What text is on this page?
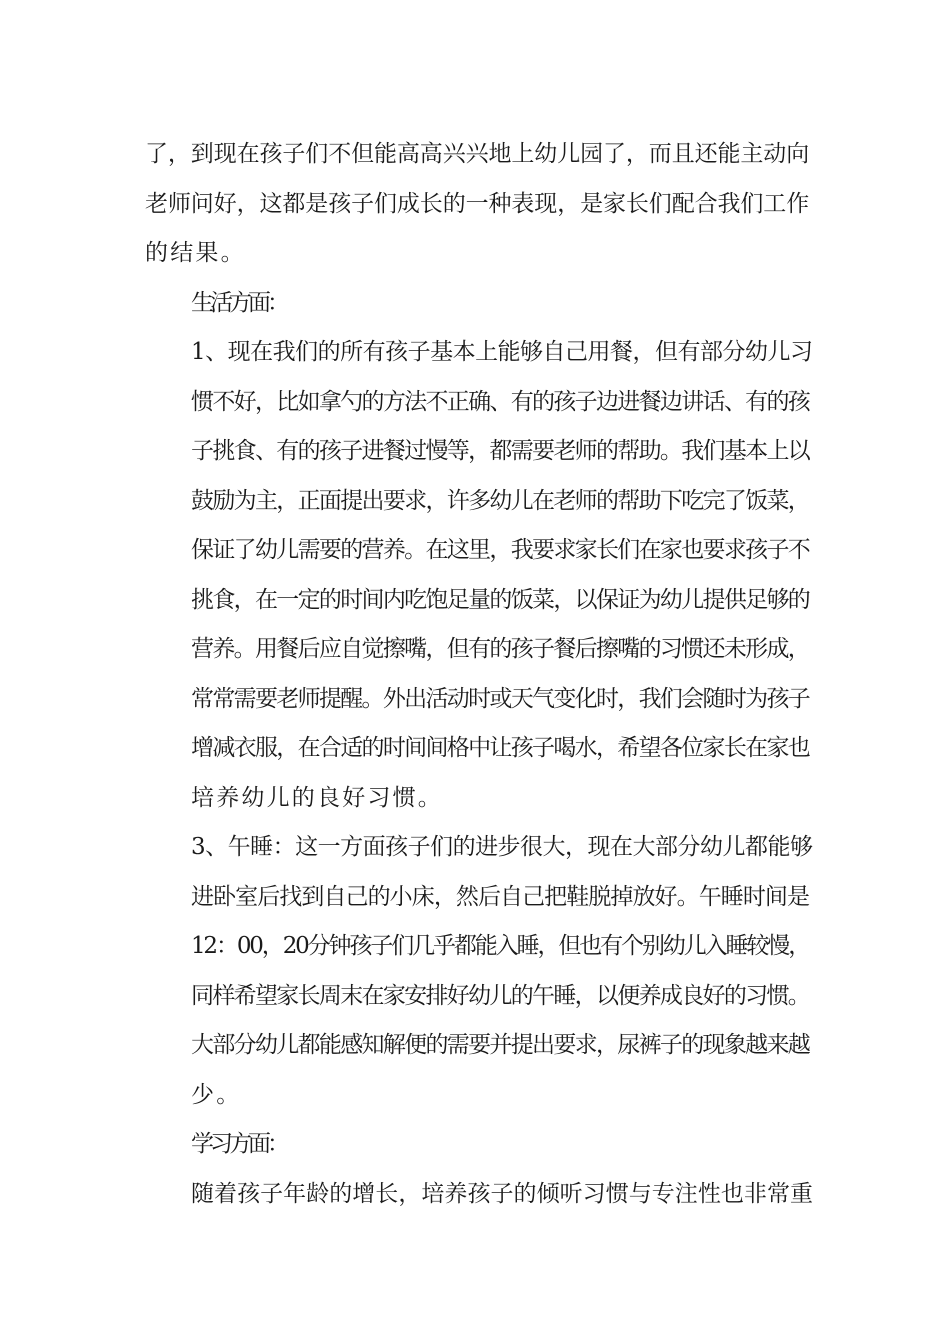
了，到现在孩子们不但能高高兴兴地上幼儿园了，而且还能主动向
老师问好，这都是孩子们成长的一种表现，是家长们配合我们工作
的结果。

生活方面：

1、现在我们的所有孩子基本上能够自己用餐，但有部分幼儿习
惯不好，比如拿勺的方法不正确、有的孩子边进餐边讲话、有的孩
子挑食、有的孩子进餐过慢等，都需要老师的帮助。我们基本上以
鼓励为主，正面提出要求，许多幼儿在老师的帮助下吃完了饭菜，
保证了幼儿需要的营养。在这里，我要求家长们在家也要求孩子不
挑食，在一定的时间内吃饱足量的饭菜，以保证为幼儿提供足够的
营养。用餐后应自觉擦嘴，但有的孩子餐后擦嘴的习惯还未形成，
常常需要老师提醒。外出活动时或天气变化时，我们会随时为孩子
增减衣服，在合适的时间间格中让孩子喝水，希望各位家长在家也
培养幼儿的良好习惯。

3、午睡：这一方面孩子们的进步很大，现在大部分幼儿都能够
进卧室后找到自己的小床，然后自己把鞋脱掉放好。午睡时间是
12：00，20分钟孩子们几乎都能入睡，但也有个别幼儿入睡较慢，
同样希望家长周末在家安排好幼儿的午睡，以便养成良好的习惯。
大部分幼儿都能感知解便的需要并提出要求，尿裤子的现象越来越
少。

学习方面：

随着孩子年龄的增长，培养孩子的倾听习惯与专注性也非常重
